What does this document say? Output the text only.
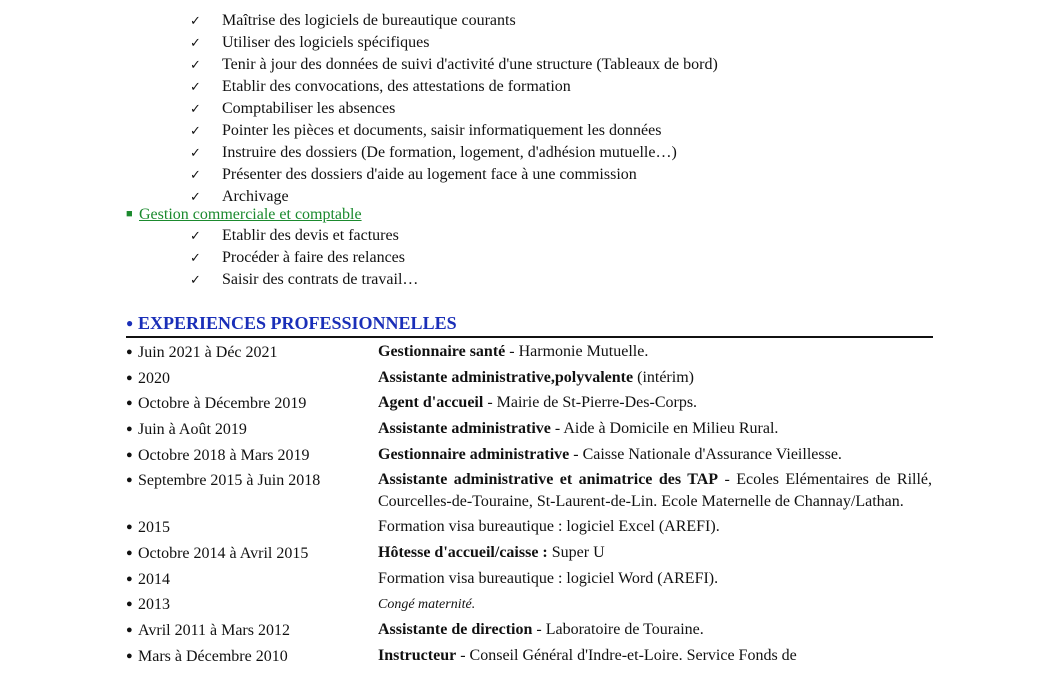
✓ Maîtrise des logiciels de bureautique courants
✓ Utiliser des logiciels spécifiques
✓ Tenir à jour des données de suivi d'activité d'une structure (Tableaux de bord)
✓ Etablir des convocations, des attestations de formation
✓ Comptabiliser les absences
✓ Pointer les pièces et documents, saisir informatiquement les données
✓ Instruire des dossiers (De formation, logement, d'adhésion mutuelle…)
✓ Présenter des dossiers d'aide au logement face à une commission
✓ Archivage
■ Gestion commerciale et comptable
✓ Etablir des devis et factures
✓ Procéder à faire des relances
✓ Saisir des contrats de travail…
● EXPERIENCES PROFESSIONNELLES
● Juin 2021 à Déc 2021	Gestionnaire santé - Harmonie Mutuelle.
● 2020	Assistante administrative,polyvalente (intérim)
● Octobre à Décembre 2019	Agent d'accueil - Mairie de St-Pierre-Des-Corps.
● Juin à Août 2019	Assistante administrative - Aide à Domicile en Milieu Rural.
● Octobre 2018 à Mars 2019	Gestionnaire administrative - Caisse Nationale d'Assurance Vieillesse.
● Septembre 2015 à Juin 2018	Assistante administrative et animatrice des TAP - Ecoles Elémentaires de Rillé, Courcelles-de-Touraine, St-Laurent-de-Lin. Ecole Maternelle de Channay/Lathan.
● 2015	Formation visa bureautique : logiciel Excel (AREFI).
● Octobre 2014 à Avril 2015	Hôtesse d'accueil/caisse : Super U
● 2014	Formation visa bureautique : logiciel Word (AREFI).
● 2013	Congé maternité.
● Avril 2011 à Mars 2012	Assistante de direction - Laboratoire de Touraine.
● Mars à Décembre 2010	Instructeur - Conseil Général d'Indre-et-Loire. Service Fonds de
